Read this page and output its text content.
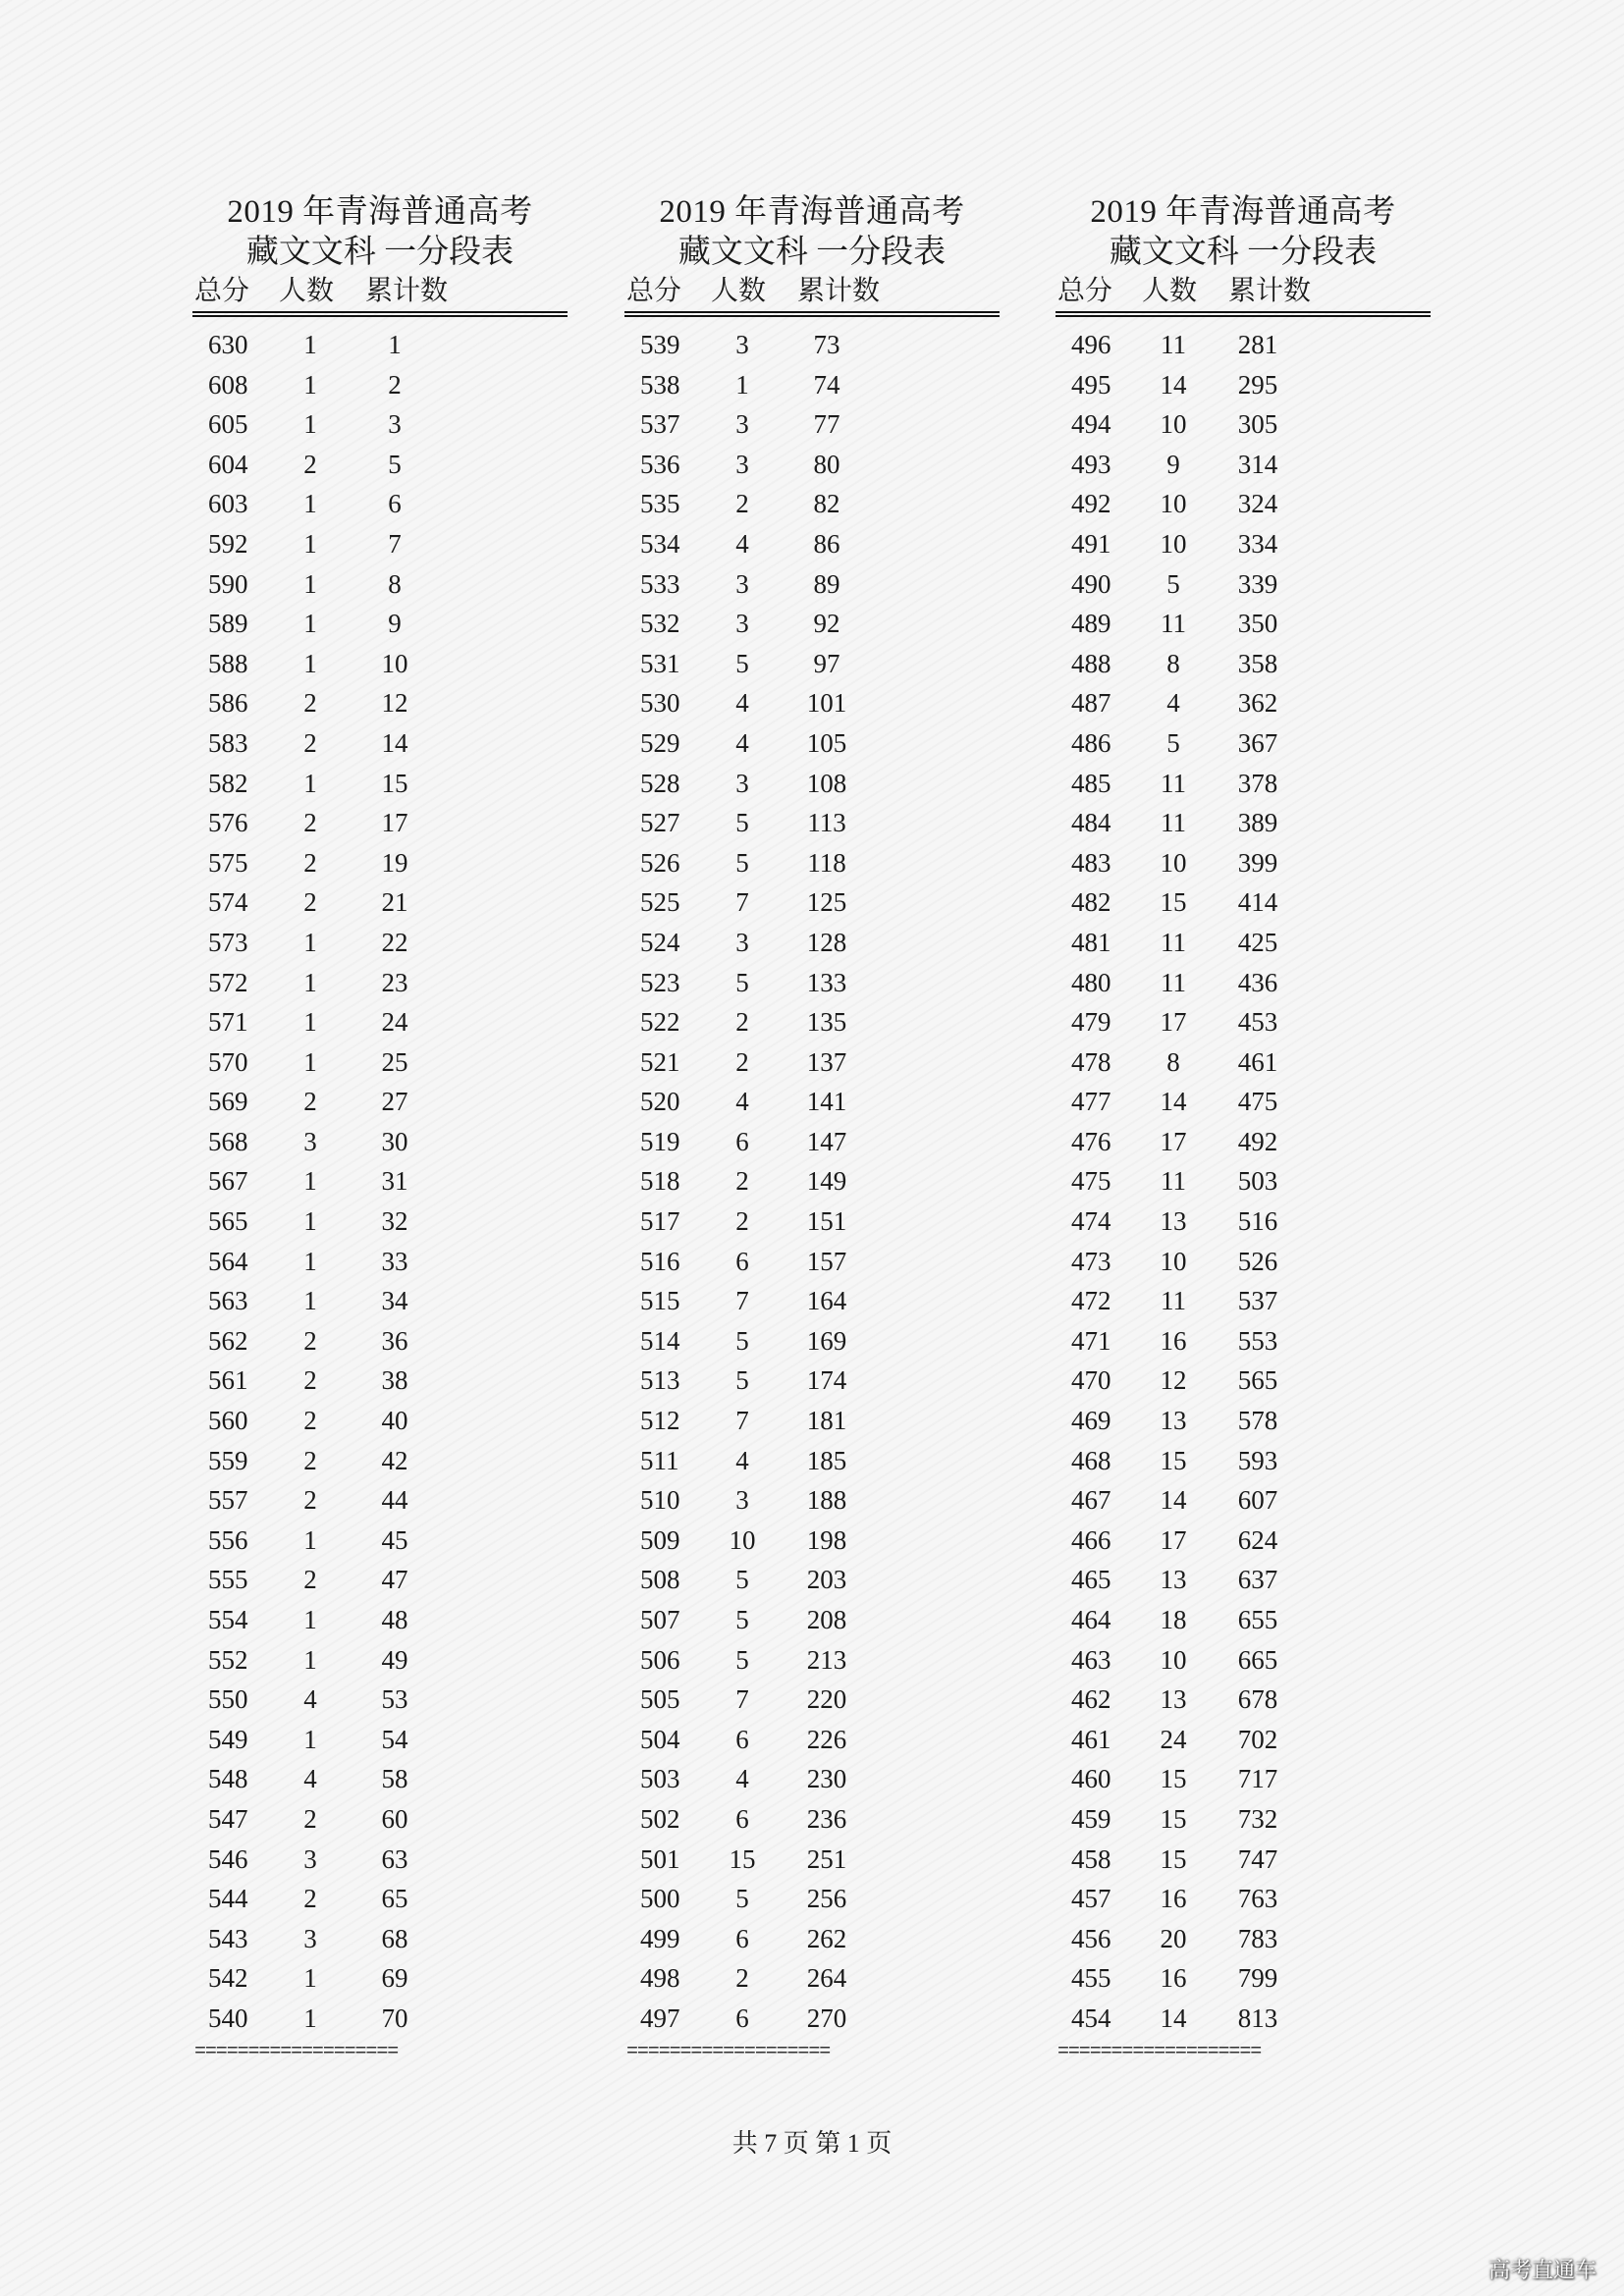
2019 年青海普通高考
藏文文科 一分段表
总分 人数 累计数
630	1	1
608	1	2
605	1	3
604	2	5
603	1	6
592	1	7
590	1	8
589	1	9
588	1	10
586	2	12
583	2	14
582	1	15
576	2	17
575	2	19
574	2	21
573	1	22
572	1	23
571	1	24
570	1	25
569	2	27
568	3	30
567	1	31
565	1	32
564	1	33
563	1	34
562	2	36
561	2	38
560	2	40
559	2	42
557	2	44
556	1	45
555	2	47
554	1	48
552	1	49
550	4	53
549	1	54
548	4	58
547	2	60
546	3	63
544	2	65
543	3	68
542	1	69
540	1	70
===================
2019 年青海普通高考
藏文文科 一分段表
总分 人数 累计数
539	3	73
538	1	74
537	3	77
536	3	80
535	2	82
534	4	86
533	3	89
532	3	92
531	5	97
530	4	101
529	4	105
528	3	108
527	5	113
526	5	118
525	7	125
524	3	128
523	5	133
522	2	135
521	2	137
520	4	141
519	6	147
518	2	149
517	2	151
516	6	157
515	7	164
514	5	169
513	5	174
512	7	181
511	4	185
510	3	188
509	10	198
508	5	203
507	5	208
506	5	213
505	7	220
504	6	226
503	4	230
502	6	236
501	15	251
500	5	256
499	6	262
498	2	264
497	6	270
===================
2019 年青海普通高考
藏文文科 一分段表
总分 人数 累计数
496	11	281
495	14	295
494	10	305
493	9	314
492	10	324
491	10	334
490	5	339
489	11	350
488	8	358
487	4	362
486	5	367
485	11	378
484	11	389
483	10	399
482	15	414
481	11	425
480	11	436
479	17	453
478	8	461
477	14	475
476	17	492
475	11	503
474	13	516
473	10	526
472	11	537
471	16	553
470	12	565
469	13	578
468	15	593
467	14	607
466	17	624
465	13	637
464	18	655
463	10	665
462	13	678
461	24	702
460	15	717
459	15	732
458	15	747
457	16	763
456	20	783
455	16	799
454	14	813
===================
共 7 页 第 1 页
高考直通车
